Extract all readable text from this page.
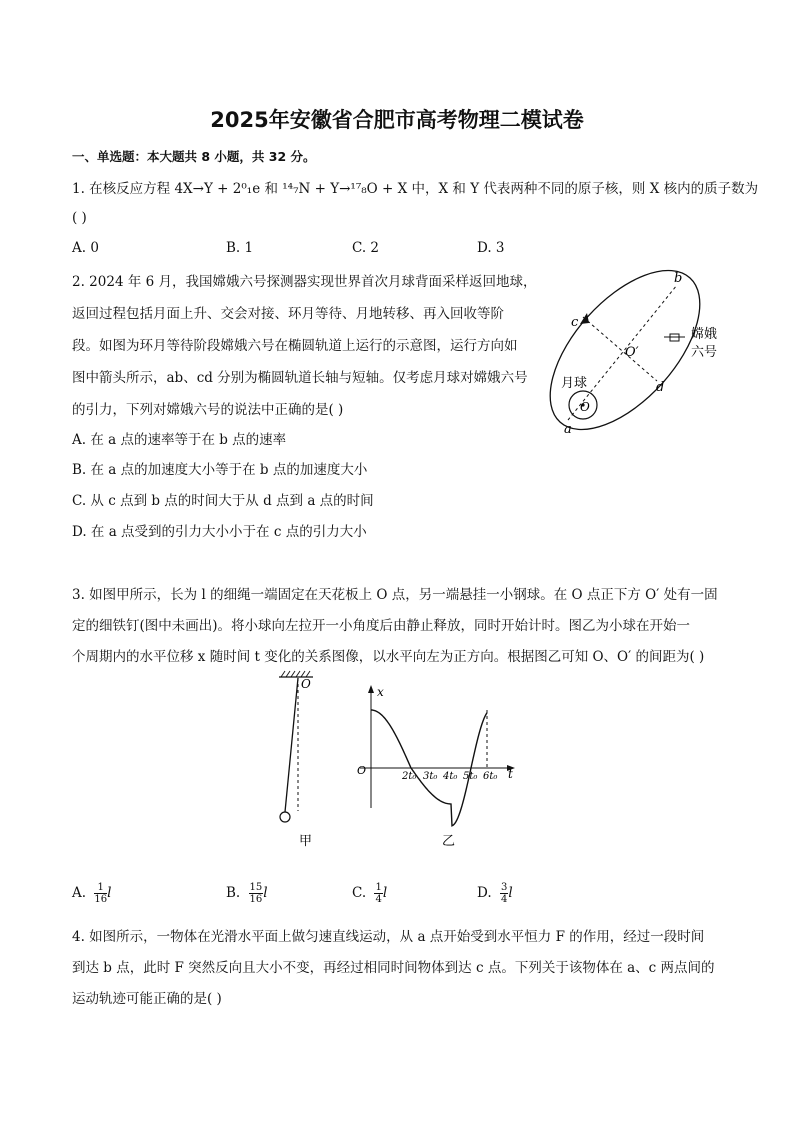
2025年安徽省合肥市高考物理二模试卷
一、单选题：本大题共 8 小题，共 32 分。
1. 在核反应方程 4X→Y + 2⁰₁e 和 ¹⁴₇N + Y→¹⁷₈O + X 中，X 和 Y 代表两种不同的原子核，则 X 核内的质子数为
( )
A. 0	B. 1	C. 2	D. 3
2. 2024 年 6 月，我国嫦娥六号探测器实现世界首次月球背面采样返回地球，
返回过程包括月面上升、交会对接、环月等待、月地转移、再入回收等阶
段。如图为环月等待阶段嫦娥六号在椭圆轨道上运行的示意图，运行方向如
图中箭头所示，ab、cd 分别为椭圆轨道长轴与短轴。仅考虑月球对嫦娥六号
的引力，下列对嫦娥六号的说法中正确的是( )
A. 在 a 点的速率等于在 b 点的速率
B. 在 a 点的加速度大小等于在 b 点的加速度大小
C. 从 c 点到 b 点的时间大于从 d 点到 a 点的时间
D. 在 a 点受到的引力大小小于在 c 点的引力大小
b
c
d
a
O′
O
月球
嫦娥
六号
3. 如图甲所示，长为 l 的细绳一端固定在天花板上 O 点，另一端悬挂一小钢球。在 O 点正下方 O′ 处有一固
定的细铁钉(图中未画出)。将小球向左拉开一小角度后由静止释放，同时开始计时。图乙为小球在开始一
个周期内的水平位移 x 随时间 t 变化的关系图像，以水平向左为正方向。根据图乙可知 O、O′ 的间距为( )
O
甲
x
t
O	2t₀ 3t₀ 4t₀ 5t₀ 6t₀
乙
A. $\frac{1}{16}$ l	B. $\frac{15}{16}$ l	C. $\frac{1}{4}$ l	D. $\frac{3}{4}$ l
4. 如图所示，一物体在光滑水平面上做匀速直线运动，从 a 点开始受到水平恒力 F 的作用，经过一段时间
到达 b 点，此时 F 突然反向且大小不变，再经过相同时间物体到达 c 点。下列关于该物体在 a、c 两点间的
运动轨迹可能正确的是( )
